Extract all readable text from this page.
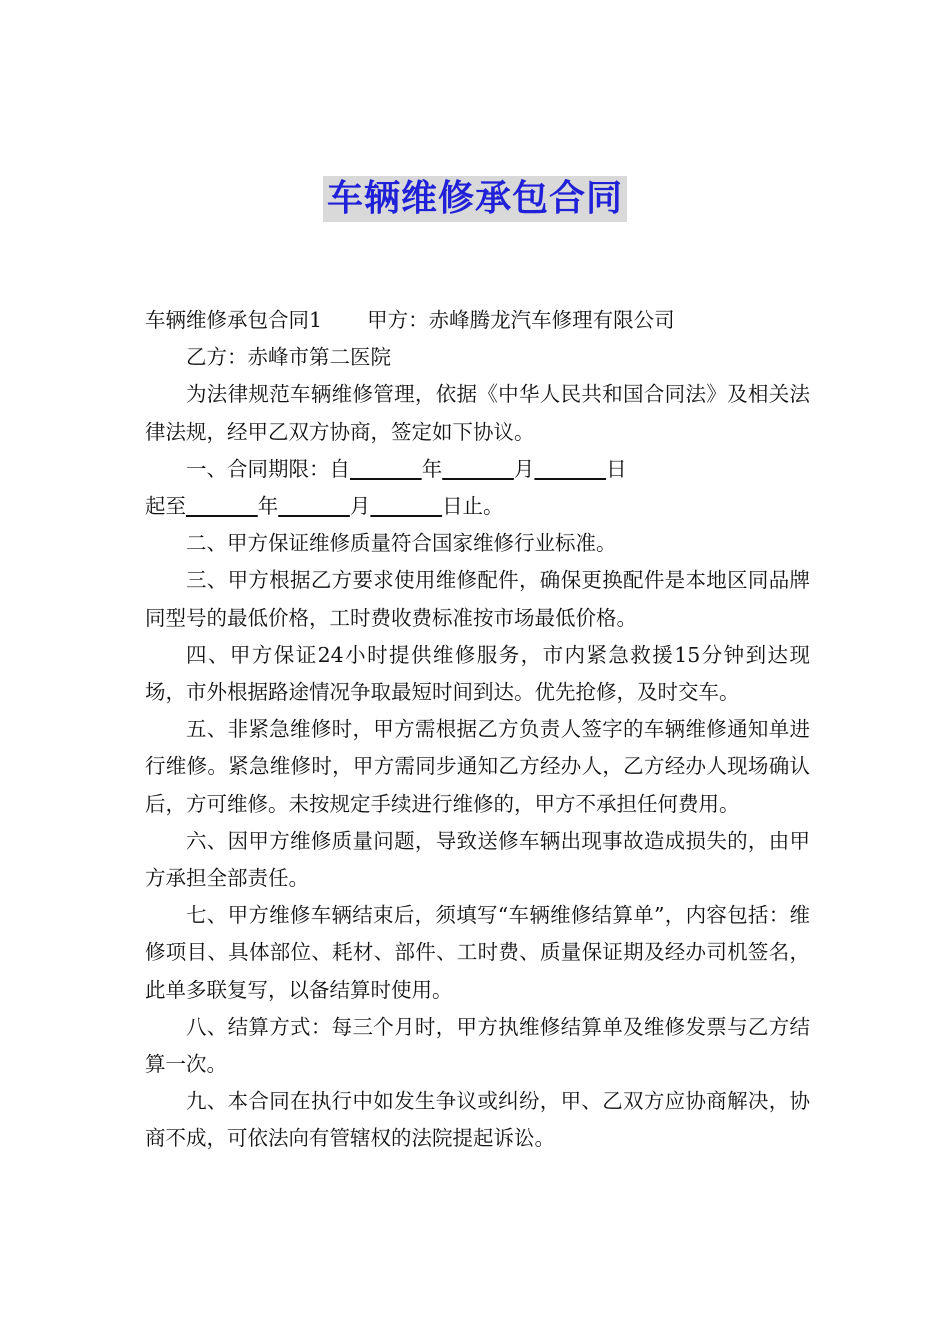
车辆维修承包合同

车辆维修承包合同1 甲方：赤峰腾龙汽车修理有限公司

乙方：赤峰市第二医院

为法律规范车辆维修管理，依据《中华人民共和国合同法》及相关法律法规，经甲乙双方协商，签定如下协议。

一、合同期限：自	年	月	日

起至	年	月	日止。

二、甲方保证维修质量符合国家维修行业标准。

三、甲方根据乙方要求使用维修配件，确保更换配件是本地区同品牌同型号的最低价格，工时费收费标准按市场最低价格。

四、甲方保证24小时提供维修服务，市内紧急救援15分钟到达现场，市外根据路途情况争取最短时间到达。优先抢修，及时交车。

五、非紧急维修时，甲方需根据乙方负责人签字的车辆维修通知单进行维修。紧急维修时，甲方需同步通知乙方经办人，乙方经办人现场确认后，方可维修。未按规定手续进行维修的，甲方不承担任何费用。

六、因甲方维修质量问题，导致送修车辆出现事故造成损失的，由甲方承担全部责任。

七、甲方维修车辆结束后，须填写“车辆维修结算单”，内容包括：维修项目、具体部位、耗材、部件、工时费、质量保证期及经办司机签名，此单多联复写，以备结算时使用。

八、结算方式：每三个月时，甲方执维修结算单及维修发票与乙方结算一次。

九、本合同在执行中如发生争议或纠纷，甲、乙双方应协商解决，协商不成，可依法向有管辖权的法院提起诉讼。
